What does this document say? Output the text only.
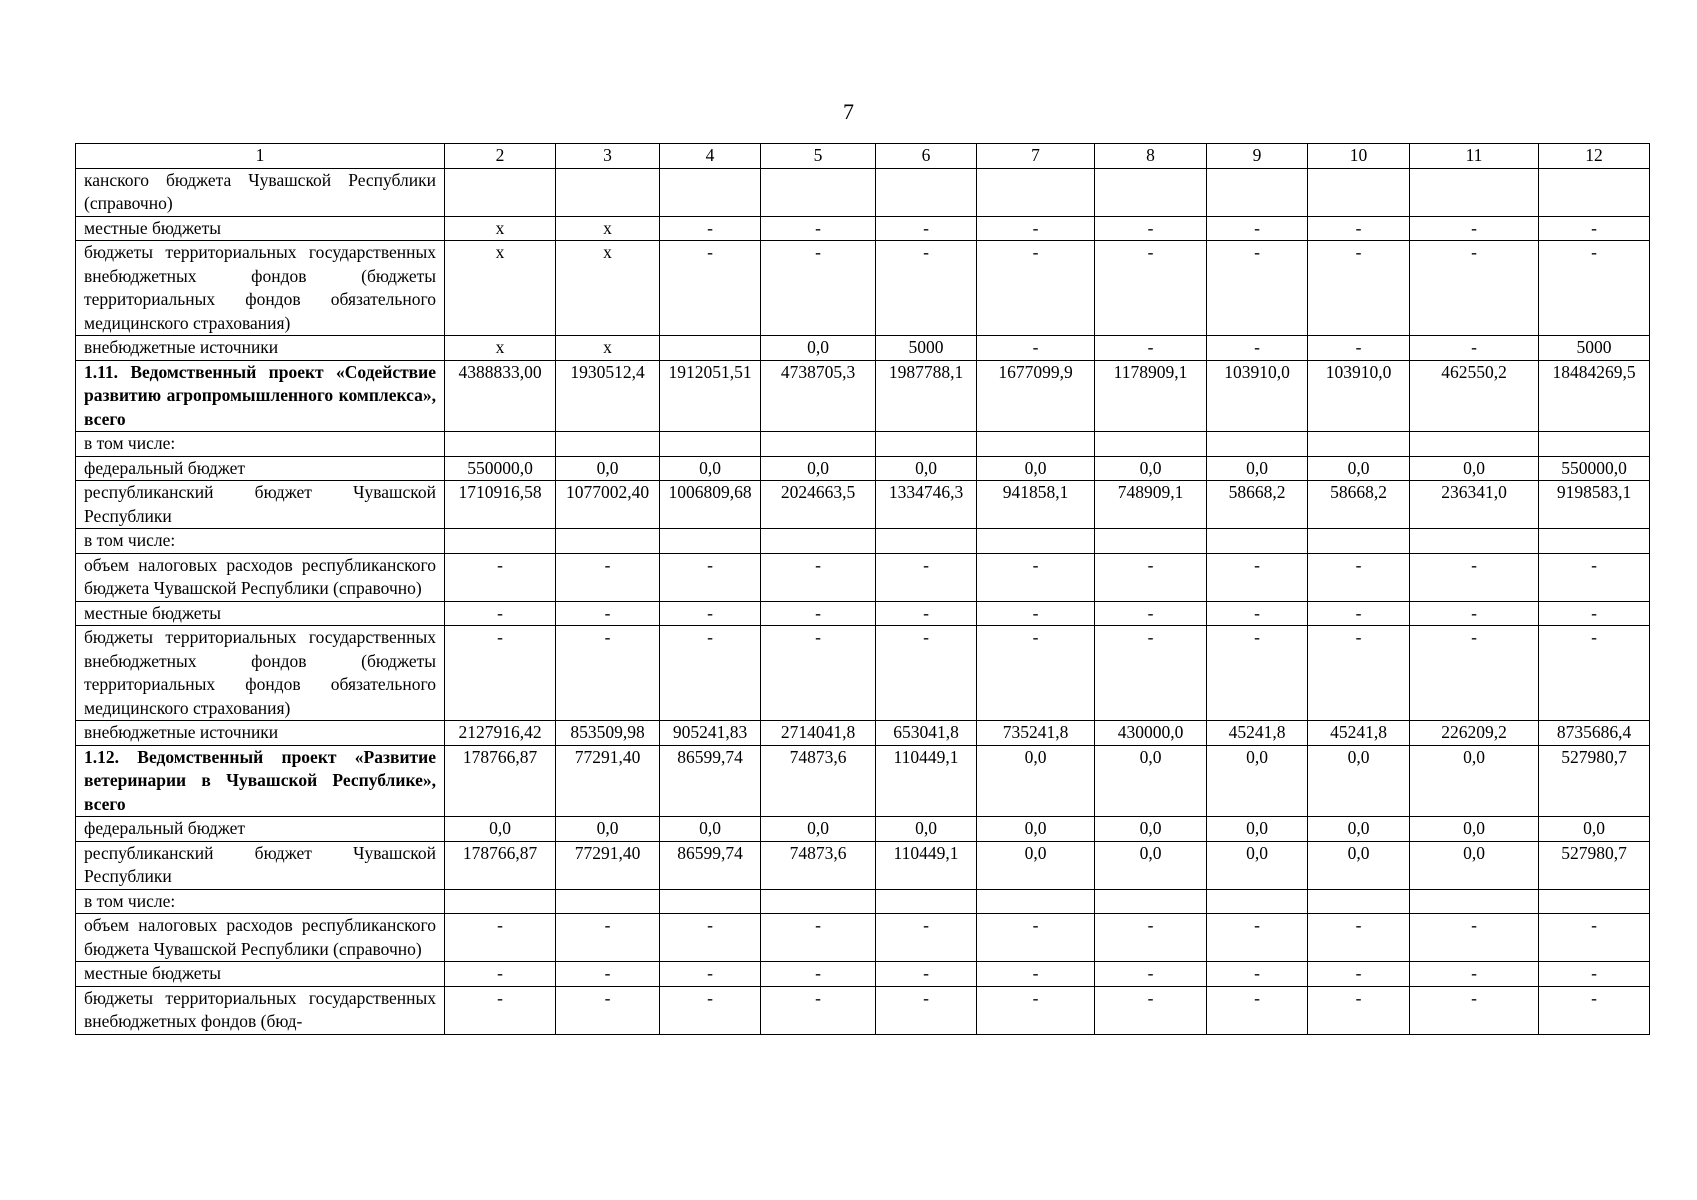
7
1	2	3	4	5	6	7	8	9	10	11	12
канского бюджета Чувашской Республики (справочно)											
местные бюджеты	x	x	-	-	-	-	-	-	-	-	-
бюджеты территориальных государственных внебюджетных фондов (бюджеты территориальных фондов обязательного медицинского страхования)	x	x	-	-	-	-	-	-	-	-	-
внебюджетные источники	x	x		0,0	5000	-	-	-	-	-	5000
1.11. Ведомственный проект «Содействие развитию агропромышленного комплекса», всего	4388833,00	1930512,4	1912051,51	4738705,3	1987788,1	1677099,9	1178909,1	103910,0	103910,0	462550,2	18484269,5
в том числе:											
федеральный бюджет	550000,0	0,0	0,0	0,0	0,0	0,0	0,0	0,0	0,0	0,0	550000,0
республиканский бюджет Чувашской Республики	1710916,58	1077002,40	1006809,68	2024663,5	1334746,3	941858,1	748909,1	58668,2	58668,2	236341,0	9198583,1
в том числе:											
объем налоговых расходов республиканского бюджета Чувашской Республики (справочно)	-	-	-	-	-	-	-	-	-	-	-
местные бюджеты	-	-	-	-	-	-	-	-	-	-	-
бюджеты территориальных государственных внебюджетных фондов (бюджеты территориальных фондов обязательного медицинского страхования)	-	-	-	-	-	-	-	-	-	-	-
внебюджетные источники	2127916,42	853509,98	905241,83	2714041,8	653041,8	735241,8	430000,0	45241,8	45241,8	226209,2	8735686,4
1.12. Ведомственный проект «Развитие ветеринарии в Чувашской Республике», всего	178766,87	77291,40	86599,74	74873,6	110449,1	0,0	0,0	0,0	0,0	0,0	527980,7
федеральный бюджет	0,0	0,0	0,0	0,0	0,0	0,0	0,0	0,0	0,0	0,0	0,0
республиканский бюджет Чувашской Республики	178766,87	77291,40	86599,74	74873,6	110449,1	0,0	0,0	0,0	0,0	0,0	527980,7
в том числе:											
объем налоговых расходов республиканского бюджета Чувашской Республики (справочно)	-	-	-	-	-	-	-	-	-	-	-
местные бюджеты	-	-	-	-	-	-	-	-	-	-	-
бюджеты территориальных государственных внебюджетных фондов (бюд-	-	-	-	-	-	-	-	-	-	-	-
